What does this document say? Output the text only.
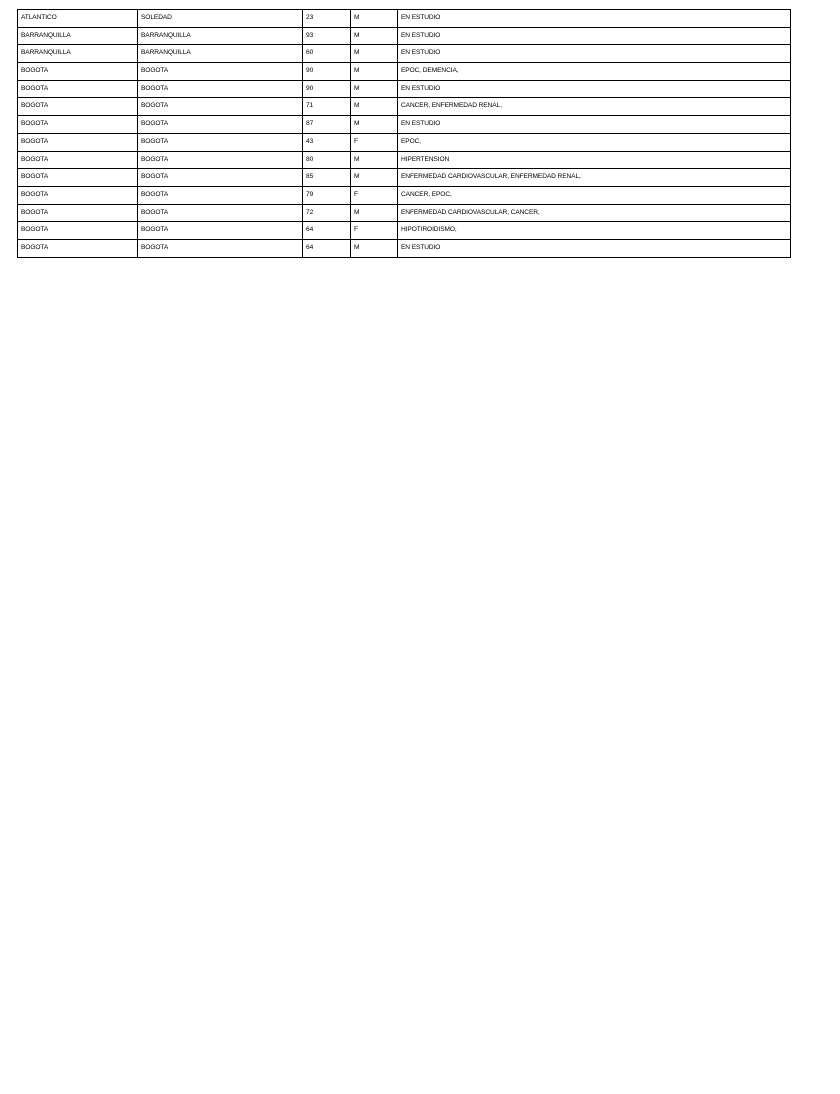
ATLANTICO	SOLEDAD	23	M	EN ESTUDIO
BARRANQUILLA	BARRANQUILLA	93	M	EN ESTUDIO
BARRANQUILLA	BARRANQUILLA	60	M	EN ESTUDIO
BOGOTA	BOGOTA	90	M	EPOC, DEMENCIA,
BOGOTA	BOGOTA	90	M	EN ESTUDIO
BOGOTA	BOGOTA	71	M	CANCER, ENFERMEDAD RENAL,
BOGOTA	BOGOTA	87	M	EN ESTUDIO
BOGOTA	BOGOTA	43	F	EPOC,
BOGOTA	BOGOTA	80	M	HIPERTENSION
BOGOTA	BOGOTA	85	M	ENFERMEDAD CARDIOVASCULAR, ENFERMEDAD RENAL,
BOGOTA	BOGOTA	79	F	CANCER, EPOC,
BOGOTA	BOGOTA	72	M	ENFERMEDAD CARDIOVASCULAR, CANCER,
BOGOTA	BOGOTA	64	F	HIPOTIROIDISMO,
BOGOTA	BOGOTA	64	M	EN ESTUDIO
